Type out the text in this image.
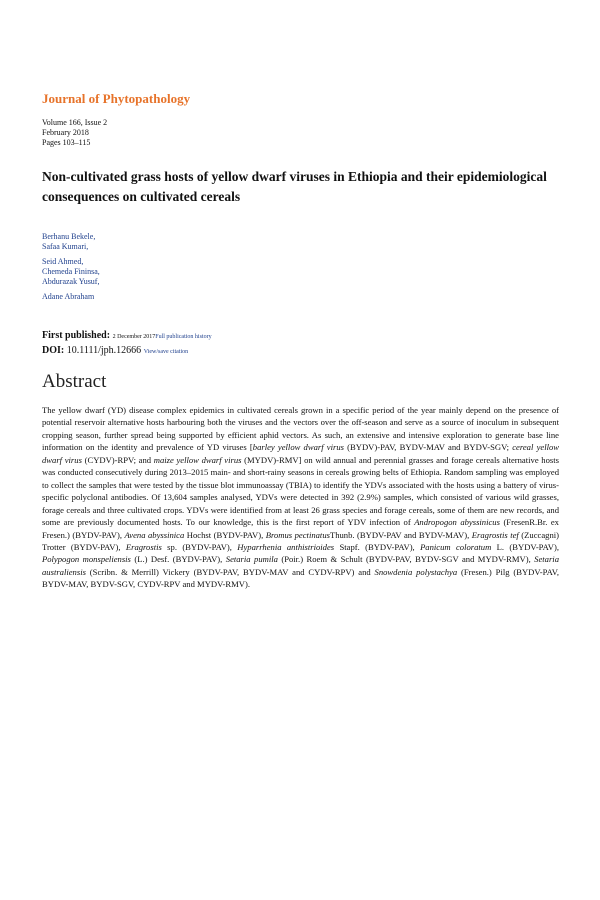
Journal of Phytopathology
Volume 166, Issue 2
February 2018
Pages 103–115
Non-cultivated grass hosts of yellow dwarf viruses in Ethiopia and their epidemiological consequences on cultivated cereals
Berhanu Bekele,
Safaa Kumari,
Seid Ahmed,
Chemeda Fininsa,
Abdurazak Yusuf,
Adane Abraham
First published: 2 December 2017Full publication history
DOI: 10.1111/jph.12666 View/save citation
Abstract
The yellow dwarf (YD) disease complex epidemics in cultivated cereals grown in a specific period of the year mainly depend on the presence of potential reservoir alternative hosts harbouring both the viruses and the vectors over the off-season and serve as a source of inoculum in subsequent cropping season, further spread being supported by efficient aphid vectors. As such, an extensive and intensive exploration to generate base line information on the identity and prevalence of YD viruses [barley yellow dwarf virus (BYDV)-PAV, BYDV-MAV and BYDV-SGV; cereal yellow dwarf virus (CYDV)-RPV; and maize yellow dwarf virus (MYDV)-RMV] on wild annual and perennial grasses and forage cereals alternative hosts was conducted consecutively during 2013–2015 main- and short-rainy seasons in cereals growing belts of Ethiopia. Random sampling was employed to collect the samples that were tested by the tissue blot immunoassay (TBIA) to identify the YDVs associated with the hosts using a battery of virus-specific polyclonal antibodies. Of 13,604 samples analysed, YDVs were detected in 392 (2.9%) samples, which consisted of various wild grasses, forage cereals and three cultivated crops. YDVs were identified from at least 26 grass species and forage cereals, some of them are new records, and some are previously documented hosts. To our knowledge, this is the first report of YDV infection of Andropogon abyssinicus (FresenR.Br. ex Fresen.) (BYDV-PAV), Avena abyssinica Hochst (BYDV-PAV), Bromus pectinatusThunb. (BYDV-PAV and BYDV-MAV), Eragrostis tef (Zuccagni) Trotter (BYDV-PAV), Eragrostis sp. (BYDV-PAV), Hyparrhenia anthistrioides Stapf. (BYDV-PAV), Panicum coloratum L. (BYDV-PAV), Polypogon monspeliensis (L.) Desf. (BYDV-PAV), Setaria pumila (Poir.) Roem & Schult (BYDV-PAV, BYDV-SGV and MYDV-RMV), Setaria australiensis (Scribn. & Merrill) Vickery (BYDV-PAV, BYDV-MAV and CYDV-RPV) and Snowdenia polystachya (Fresen.) Pilg (BYDV-PAV, BYDV-MAV, BYDV-SGV, CYDV-RPV and MYDV-RMV).
